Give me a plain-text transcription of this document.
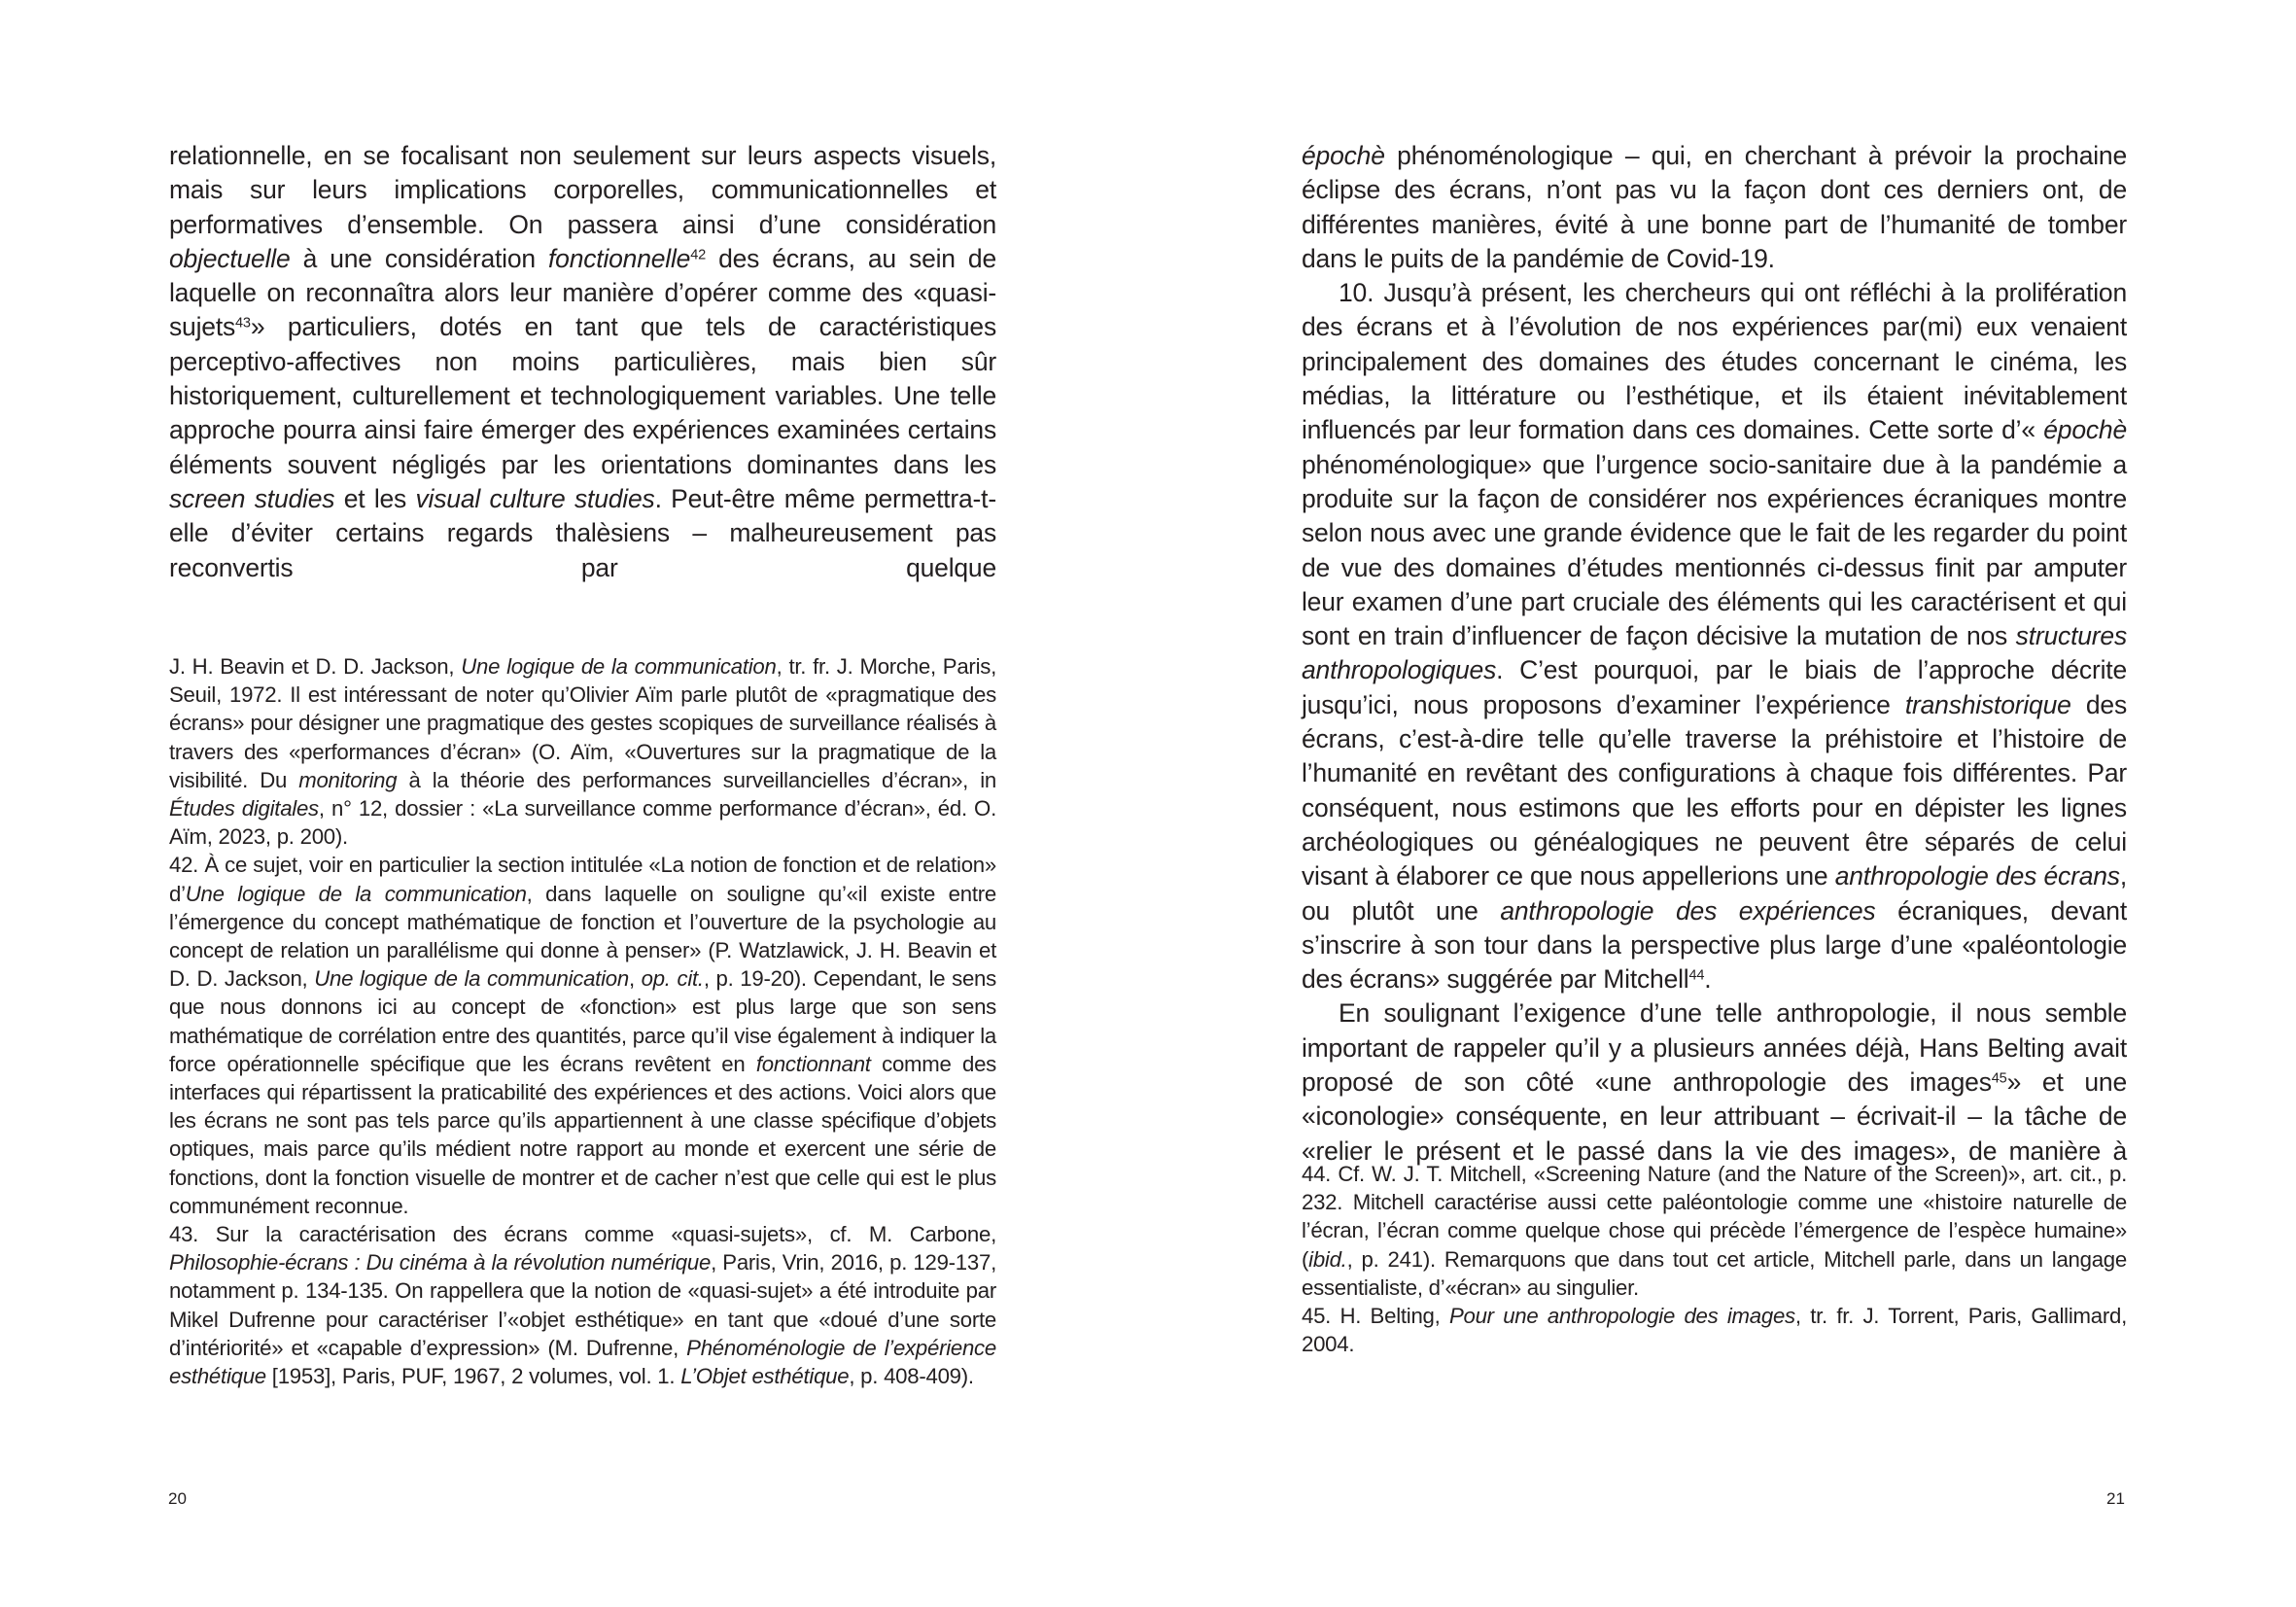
relationnelle, en se focalisant non seulement sur leurs aspects visuels, mais sur leurs implications corporelles, communicationnelles et performatives d’ensemble. On passera ainsi d’une considération objectuelle à une considération fonctionnelle$^{42}$ des écrans, au sein de laquelle on reconnaîtra alors leur manière d’opérer comme des «quasi-sujets$^{43}$» particuliers, dotés en tant que tels de caractéristiques perceptivo-affectives non moins particulières, mais bien sûr historiquement, culturellement et technologiquement variables. Une telle approche pourra ainsi faire émerger des expériences examinées certains éléments souvent négligés par les orientations dominantes dans les screen studies et les visual culture studies. Peut-être même permettra-t-elle d’éviter certains regards thalèsiens – malheureusement pas reconvertis par quelque

J. H. Beavin et D. D. Jackson, Une logique de la communication, tr. fr. J. Morche, Paris, Seuil, 1972. Il est intéressant de noter qu’Olivier Aïm parle plutôt de «pragmatique des écrans» pour désigner une pragmatique des gestes scopiques de surveillance réalisés à travers des «performances d’écran» (O. Aïm, «Ouvertures sur la pragmatique de la visibilité. Du monitoring à la théorie des performances surveillancielles d’écran», in Études digitales, n° 12, dossier : «La surveillance comme performance d’écran», éd. O. Aïm, 2023, p. 200).

42. À ce sujet, voir en particulier la section intitulée «La notion de fonction et de relation» d’Une logique de la communication, dans laquelle on souligne qu’«il existe entre l’émergence du concept mathématique de fonction et l’ouverture de la psychologie au concept de relation un parallélisme qui donne à penser» (P. Watzlawick, J. H. Beavin et D. D. Jackson, Une logique de la communication, op. cit., p. 19-20). Cependant, le sens que nous donnons ici au concept de «fonction» est plus large que son sens mathématique de corrélation entre des quantités, parce qu’il vise également à indiquer la force opérationnelle spécifique que les écrans revêtent en fonctionnant comme des interfaces qui répartissent la praticabilité des expériences et des actions. Voici alors que les écrans ne sont pas tels parce qu’ils appartiennent à une classe spécifique d’objets optiques, mais parce qu’ils médient notre rapport au monde et exercent une série de fonctions, dont la fonction visuelle de montrer et de cacher n’est que celle qui est le plus communément reconnue.

43. Sur la caractérisation des écrans comme «quasi-sujets», cf. M. Carbone, Philosophie-écrans : Du cinéma à la révolution numérique, Paris, Vrin, 2016, p. 129-137, notamment p. 134-135. On rappellera que la notion de «quasi-sujet» a été introduite par Mikel Dufrenne pour caractériser l’«objet esthétique» en tant que «doué d’une sorte d’intériorité» et «capable d’expression» (M. Dufrenne, Phénoménologie de l’expérience esthétique [1953], Paris, PUF, 1967, 2 volumes, vol. 1. L’Objet esthétique, p. 408-409).

20

épochè phénoménologique – qui, en cherchant à prévoir la prochaine éclipse des écrans, n’ont pas vu la façon dont ces derniers ont, de différentes manières, évité à une bonne part de l’humanité de tomber dans le puits de la pandémie de Covid-19.

10. Jusqu’à présent, les chercheurs qui ont réfléchi à la prolifération des écrans et à l’évolution de nos expériences par(mi) eux venaient principalement des domaines des études concernant le cinéma, les médias, la littérature ou l’esthétique, et ils étaient inévitablement influencés par leur formation dans ces domaines. Cette sorte d’« épochè phénoménologique» que l’urgence socio-sanitaire due à la pandémie a produite sur la façon de considérer nos expériences écraniques montre selon nous avec une grande évidence que le fait de les regarder du point de vue des domaines d’études mentionnés ci-dessus finit par amputer leur examen d’une part cruciale des éléments qui les caractérisent et qui sont en train d’influencer de façon décisive la mutation de nos structures anthropologiques. C’est pourquoi, par le biais de l’approche décrite jusqu’ici, nous proposons d’examiner l’expérience transhistorique des écrans, c’est-à-dire telle qu’elle traverse la préhistoire et l’histoire de l’humanité en revêtant des configurations à chaque fois différentes. Par conséquent, nous estimons que les efforts pour en dépister les lignes archéologiques ou généalogiques ne peuvent être séparés de celui visant à élaborer ce que nous appellerions une anthropologie des écrans, ou plutôt une anthropologie des expériences écraniques, devant s’inscrire à son tour dans la perspective plus large d’une «paléontologie des écrans» suggérée par Mitchell$^{44}$.

En soulignant l’exigence d’une telle anthropologie, il nous semble important de rappeler qu’il y a plusieurs années déjà, Hans Belting avait proposé de son côté «une anthropologie des images$^{45}$» et une «iconologie» conséquente, en leur attribuant – écrivait-il – la tâche de «relier le présent et le passé dans la vie des images», de manière à

44. Cf. W. J. T. Mitchell, «Screening Nature (and the Nature of the Screen)», art. cit., p. 232. Mitchell caractérise aussi cette paléontologie comme une «histoire naturelle de l’écran, l’écran comme quelque chose qui précède l’émergence de l’espèce humaine» (ibid., p. 241). Remarquons que dans tout cet article, Mitchell parle, dans un langage essentialiste, d’«écran» au singulier.

45. H. Belting, Pour une anthropologie des images, tr. fr. J. Torrent, Paris, Gallimard, 2004.

21
